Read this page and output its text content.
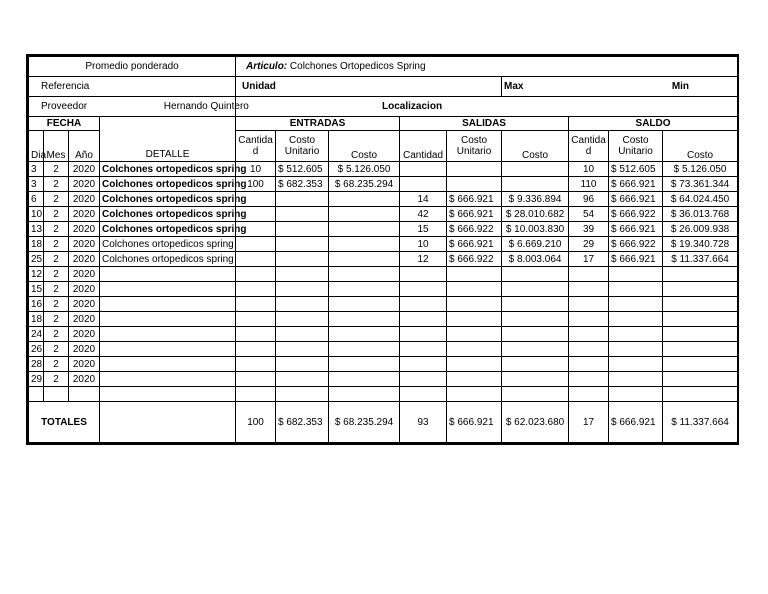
Promedio ponderado				Articulo: Colchones Ortopedicos Spring								
Referencia				Unidad					Max Min			
Proveedor Hernando Quintero				Localizacion								
FECHA			DETALLE	ENTRADAS			SALIDAS			SALDO		
Dia	Mes	Año		Cantida
d	Costo
Unitario	Costo	Cantidad	Costo
Unitario	Costo	Cantida
d	Costo
Unitario	Costo
3	2	2020	Colchones ortopedicos spring	10	$ 512.605	$ 5.126.050				10	$ 512.605	$ 5.126.050
3	2	2020	Colchones ortopedicos spring	100	$ 682.353	$ 68.235.294				110	$ 666.921	$ 73.361.344
6	2	2020	Colchones ortopedicos spring				14	$ 666.921	$ 9.336.894	96	$ 666.921	$ 64.024.450
10	2	2020	Colchones ortopedicos spring				42	$ 666.921	$ 28.010.682	54	$ 666.922	$ 36.013.768
13	2	2020	Colchones ortopedicos spring				15	$ 666.922	$ 10.003.830	39	$ 666.921	$ 26.009.938
18	2	2020	Colchones ortopedicos spring				10	$ 666.921	$ 6.669.210	29	$ 666.922	$ 19.340.728
25	2	2020	Colchones ortopedicos spring				12	$ 666.922	$ 8.003.064	17	$ 666.921	$ 11.337.664
12	2	2020										
15	2	2020										
16	2	2020										
18	2	2020										
24	2	2020										
26	2	2020										
28	2	2020										
29	2	2020										

TOTALES				100	$ 682.353	$ 68.235.294	93	$ 666.921	$ 62.023.680	17	$ 666.921	$ 11.337.664
